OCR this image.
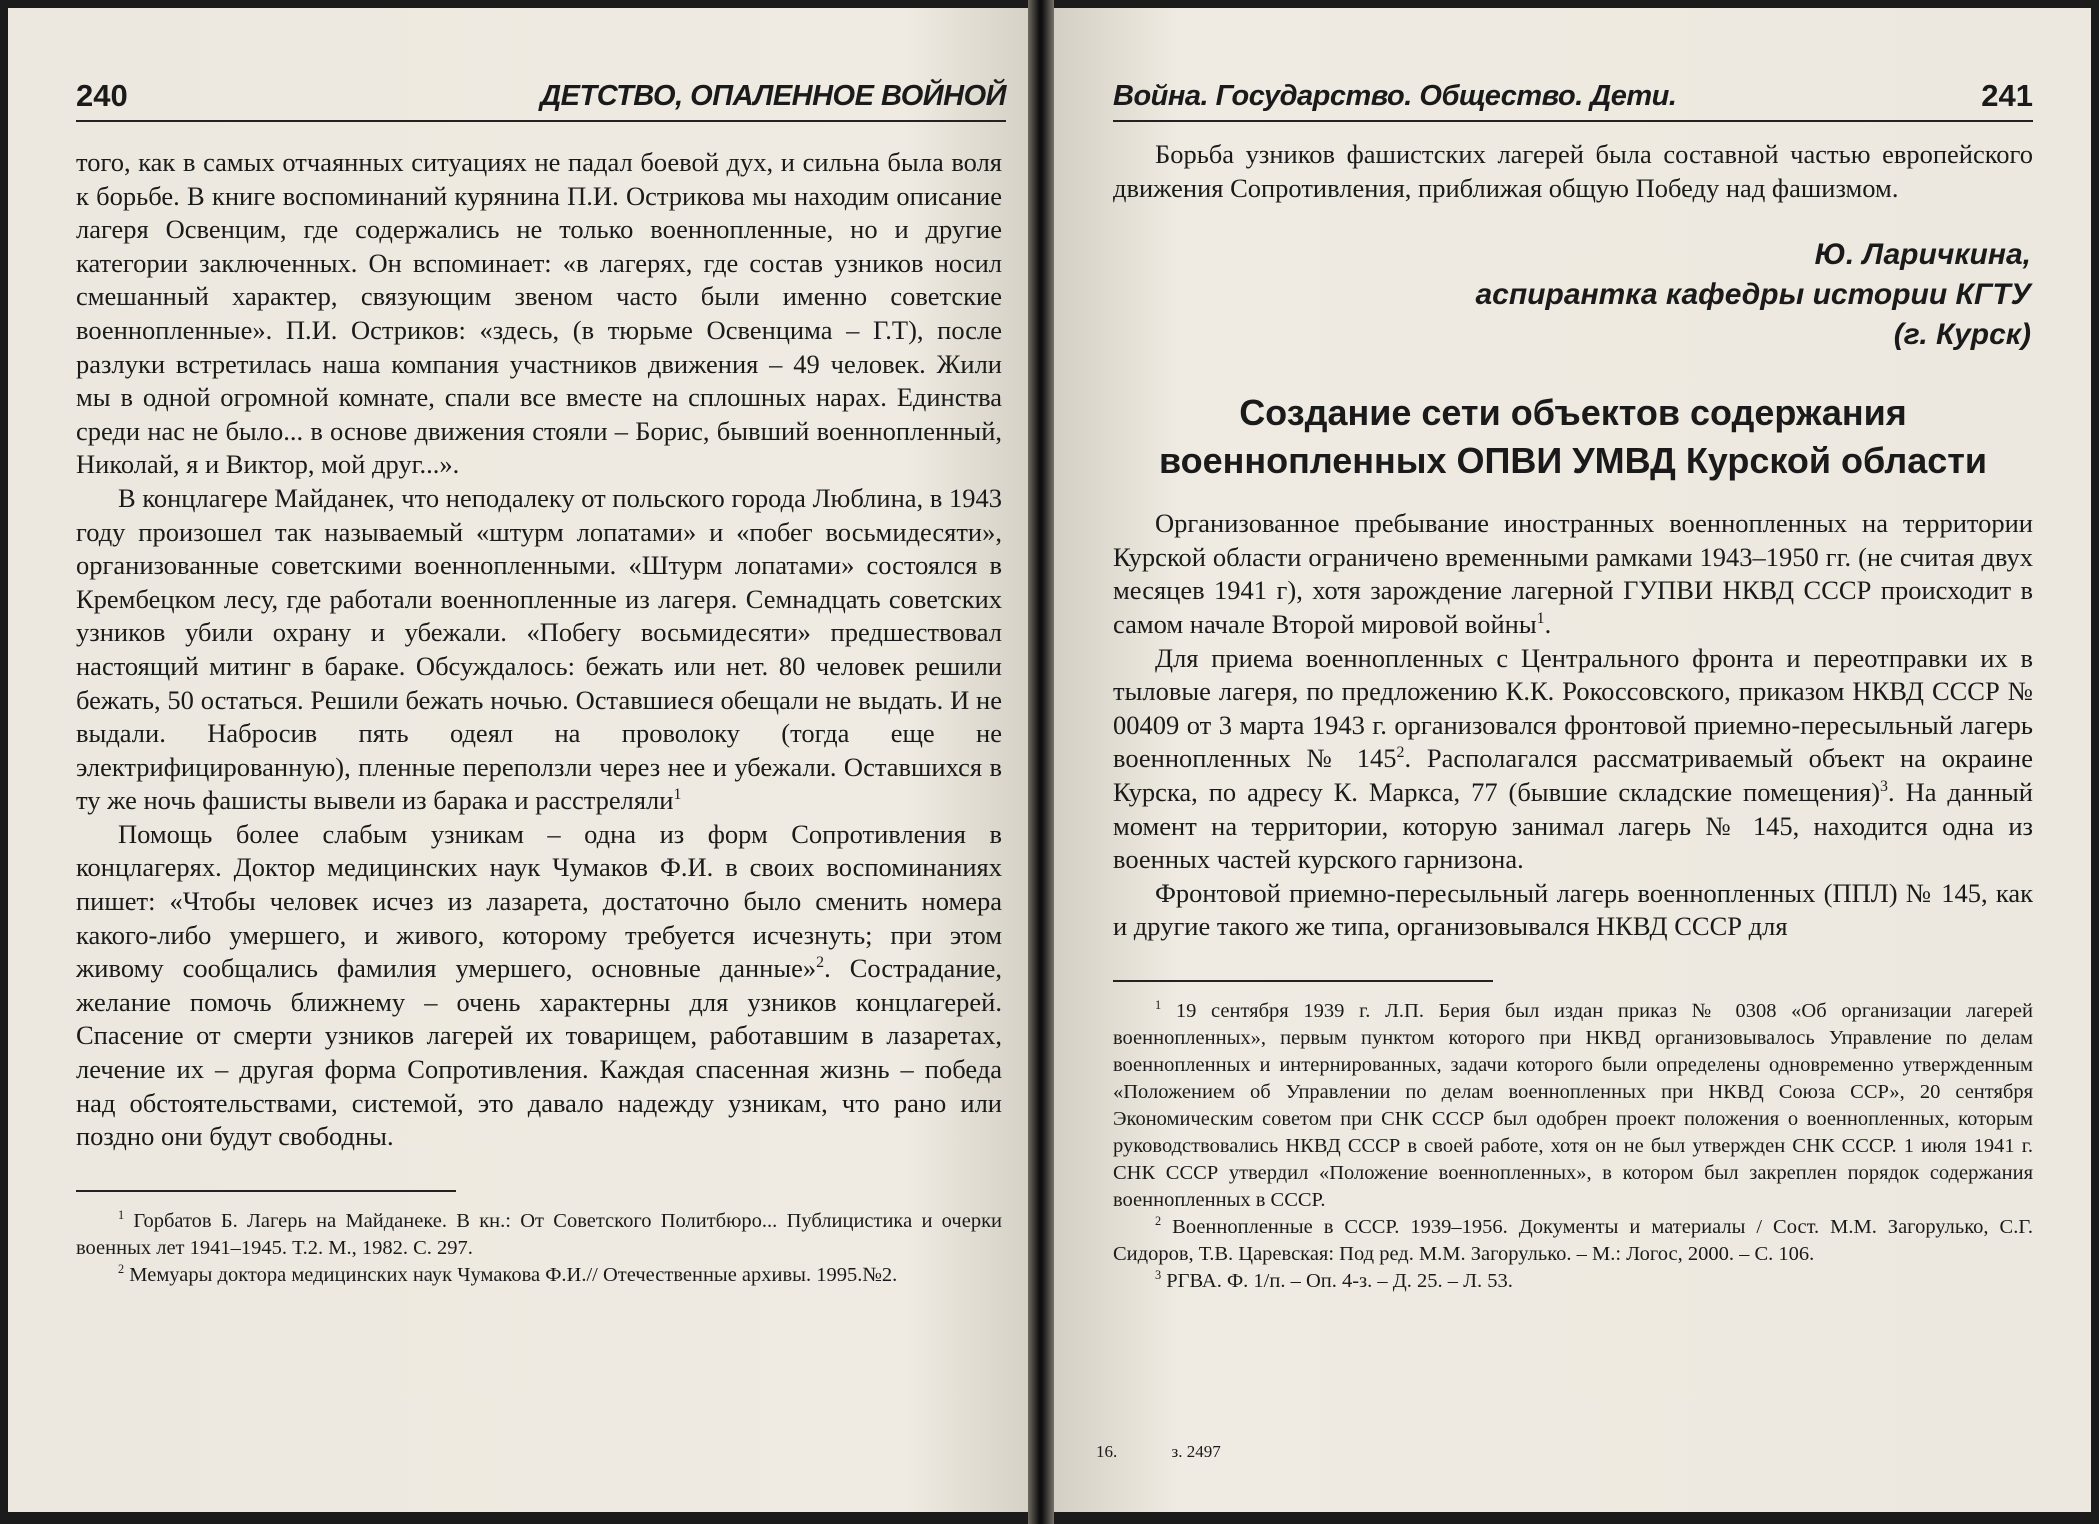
240	ДЕТСТВО, ОПАЛЕННОЕ ВОЙНОЙ

того, как в самых отчаянных ситуациях не падал боевой дух, и сильна была воля к борьбе. В книге воспоминаний курянина П.И. Острикова мы находим описание лагеря Освенцим, где содержались не только военнопленные, но и другие категории заключенных. Он вспоминает: «в лагерях, где состав узников носил смешанный характер, связующим звеном часто были именно советские военнопленные». П.И. Остриков: «здесь, (в тюрьме Освенцима – Г.Т), после разлуки встретилась наша компания участников движения – 49 человек. Жили мы в одной огромной комнате, спали все вместе на сплошных нарах. Единства среди нас не было... в основе движения стояли – Борис, бывший военнопленный, Николай, я и Виктор, мой друг...».

В концлагере Майданек, что неподалеку от польского города Люблина, в 1943 году произошел так называемый «штурм лопатами» и «побег восьмидесяти», организованные советскими военнопленными. «Штурм лопатами» состоялся в Крембецком лесу, где работали военнопленные из лагеря. Семнадцать советских узников убили охрану и убежали. «Побегу восьмидесяти» предшествовал настоящий митинг в бараке. Обсуждалось: бежать или нет. 80 человек решили бежать, 50 остаться. Решили бежать ночью. Оставшиеся обещали не выдать. И не выдали. Набросив пять одеял на проволоку (тогда еще не электрифицированную), пленные переползли через нее и убежали. Оставшихся в ту же ночь фашисты вывели из барака и расстреляли$^1$

Помощь более слабым узникам – одна из форм Сопротивления в концлагерях. Доктор медицинских наук Чумаков Ф.И. в своих воспоминаниях пишет: «Чтобы человек исчез из лазарета, достаточно было сменить номера какого-либо умершего, и живого, которому требуется исчезнуть; при этом живому сообщались фамилия умершего, основные данные»$^2$. Сострадание, желание помочь ближнему – очень характерны для узников концлагерей. Спасение от смерти узников лагерей их товарищем, работавшим в лазаретах, лечение их – другая форма Сопротивления. Каждая спасенная жизнь – победа над обстоятельствами, системой, это давало надежду узникам, что рано или поздно они будут свободны.

$^1$ Горбатов Б. Лагерь на Майданеке. В кн.: От Советского Политбюро... Публицистика и очерки военных лет 1941–1945. Т.2. М., 1982. С. 297.

$^2$ Мемуары доктора медицинских наук Чумакова Ф.И.// Отечественные архивы. 1995.№2.

Война. Государство. Общество. Дети.	241

Борьба узников фашистских лагерей была составной частью европейского движения Сопротивления, приближая общую Победу над фашизмом.

Ю. Ларичкина,
аспирантка кафедры истории КГТУ
(г. Курск)
Создание сети объектов содержания военнопленных ОПВИ УМВД Курской области

Организованное пребывание иностранных военнопленных на территории Курской области ограничено временными рамками 1943–1950 гг. (не считая двух месяцев 1941 г), хотя зарождение лагерной ГУПВИ НКВД СССР происходит в самом начале Второй мировой войны$^1$.

Для приема военнопленных с Центрального фронта и переотправки их в тыловые лагеря, по предложению К.К. Рокоссовского, приказом НКВД СССР № 00409 от 3 марта 1943 г. организовался фронтовой приемно-пересыльный лагерь военнопленных № $145^2$. Располагался рассматриваемый объект на окраине Курска, по адресу К. Маркса, 77 (бывшие складские помещения)$^3$. На данный момент на территории, которую занимал лагерь № 145, находится одна из военных частей курского гарнизона.

Фронтовой приемно-пересыльный лагерь военнопленных (ППЛ) № 145, как и другие такого же типа, организовывался НКВД СССР для

$^1$ 19 сентября 1939 г. Л.П. Берия был издан приказ № 0308 «Об организации лагерей военнопленных», первым пунктом которого при НКВД организовывалось Управление по делам военнопленных и интернированных, задачи которого были определены одновременно утвержденным «Положением об Управлении по делам военнопленных при НКВД Союза ССР», 20 сентября Экономическим советом при СНК СССР был одобрен проект положения о военнопленных, которым руководствовались НКВД СССР в своей работе, хотя он не был утвержден СНК СССР. 1 июля 1941 г. СНК СССР утвердил «Положение военнопленных», в котором был закреплен порядок содержания военнопленных в СССР.

$^2$ Военнопленные в СССР. 1939–1956. Документы и материалы / Сост. М.М. Загорулько, С.Г. Сидоров, Т.В. Царевская: Под ред. М.М. Загорулько. – М.: Логос, 2000. – С. 106.

$^3$ РГВА. Ф. 1/п. – Оп. 4-з. – Д. 25. – Л. 53.

16.	з. 2497
